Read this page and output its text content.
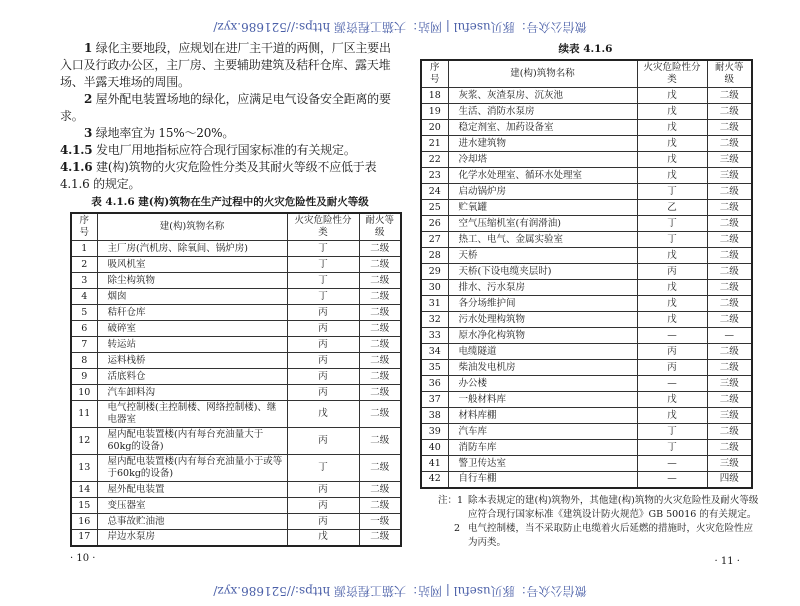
微信公众号：豚贝useful | 网站：大猫工程资源 https://521686.xyz/
微信公众号：豚贝useful | 网站：大猫工程资源 https://521686.xyz/

1 绿化主要地段，应规划在进厂主干道的两侧，厂区主要出入口及行政办公区，主厂房、主要辅助建筑及秸秆仓库、露天堆场、半露天堆场的周围。

2 屋外配电装置场地的绿化，应满足电气设备安全距离的要求。

3 绿地率宜为 15%～20%。

4.1.5 发电厂用地指标应符合现行国家标准的有关规定。

4.1.6 建(构)筑物的火灾危险性分类及其耐火等级不应低于表 4.1.6 的规定。

表 4.1.6 建(构)筑物在生产过程中的火灾危险性及耐火等级
序号	建(构)筑物名称	火灾危险性分类	耐火等级
1	主厂房(汽机房、除氧间、锅炉房)	丁	二级
2	吸风机室	丁	二级
3	除尘构筑物	丁	二级
4	烟囱	丁	二级
5	秸秆仓库	丙	二级
6	破碎室	丙	二级
7	转运站	丙	二级
8	运料栈桥	丙	二级
9	活底料仓	丙	二级
10	汽车卸料沟	丙	二级
11	电气控制楼(主控制楼、网络控制楼)、继电器室	戊	二级
12	屋内配电装置楼(内有每台充油量大于60kg的设备)	丙	二级
13	屋内配电装置楼(内有每台充油量小于或等于60kg的设备)	丁	二级
14	屋外配电装置	丙	二级
15	变压器室	丙	二级
16	总事故贮油池	丙	一级
17	岸边水泵房	戊	二级
· 10 ·
续表 4.1.6
序号	建(构)筑物名称	火灾危险性分类	耐火等级
18	灰浆、灰渣泵房、沉灰池	戊	二级
19	生活、消防水泵房	戊	二级
20	稳定剂室、加药设备室	戊	二级
21	进水建筑物	戊	二级
22	冷却塔	戊	三级
23	化学水处理室、循环水处理室	戊	三级
24	启动锅炉房	丁	二级
25	贮氧罐	乙	二级
26	空气压缩机室(有润滑油)	丁	二级
27	热工、电气、金属实验室	丁	二级
28	天桥	戊	二级
29	天桥(下设电缆夹层时)	丙	二级
30	排水、污水泵房	戊	二级
31	各分场维护间	戊	二级
32	污水处理构筑物	戊	二级
33	原水净化构筑物	—	—
34	电缆隧道	丙	二级
35	柴油发电机房	丙	二级
36	办公楼	—	三级
37	一般材料库	戊	二级
38	材料库棚	戊	三级
39	汽车库	丁	二级
40	消防车库	丁	二级
41	警卫传达室	—	三级
42	自行车棚	—	四级
注：1 除本表规定的建(构)筑物外，其他建(构)筑物的火灾危险性及耐火等级应符合现行国家标准《建筑设计防火规范》GB 50016 的有关规定。
2 电气控制楼，当不采取防止电缆着火后延燃的措施时，火灾危险性应为丙类。
· 11 ·
